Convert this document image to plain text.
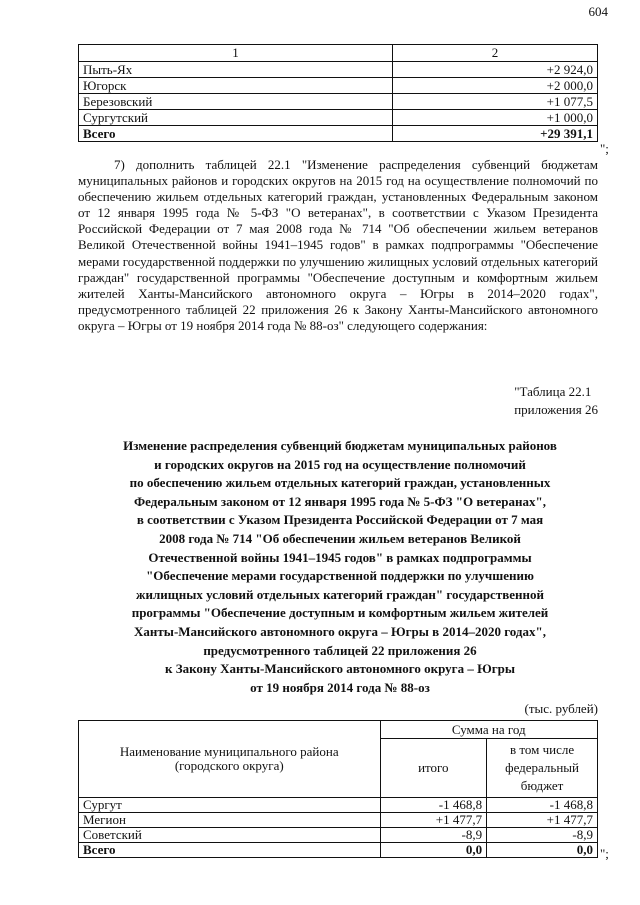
604
1	2
Пыть-Ях	+2 924,0
Югорск	+2 000,0
Березовский	+1 077,5
Сургутский	+1 000,0
Всего	+29 391,1
";
7) дополнить таблицей 22.1 "Изменение распределения субвенций бюджетам муниципальных районов и городских округов на 2015 год на осуществление полномочий по обеспечению жильем отдельных категорий граждан, установленных Федеральным законом от 12 января 1995 года № 5-ФЗ "О ветеранах", в соответствии с Указом Президента Российской Федерации от 7 мая 2008 года № 714 "Об обеспечении жильем ветеранов Великой Отечественной войны 1941–1945 годов" в рамках подпрограммы "Обеспечение мерами государственной поддержки по улучшению жилищных условий отдельных категорий граждан" государственной программы "Обеспечение доступным и комфортным жильем жителей Ханты-Мансийского автономного округа – Югры в 2014–2020 годах", предусмотренного таблицей 22 приложения 26 к Закону Ханты-Мансийского автономного округа – Югры от 19 ноября 2014 года № 88-оз" следующего содержания:
"Таблица 22.1
приложения 26
Изменение распределения субвенций бюджетам муниципальных районов
и городских округов на 2015 год на осуществление полномочий
по обеспечению жильем отдельных категорий граждан, установленных
Федеральным законом от 12 января 1995 года № 5-ФЗ "О ветеранах",
в соответствии с Указом Президента Российской Федерации от 7 мая
2008 года № 714 "Об обеспечении жильем ветеранов Великой
Отечественной войны 1941–1945 годов" в рамках подпрограммы
"Обеспечение мерами государственной поддержки по улучшению
жилищных условий отдельных категорий граждан" государственной
программы "Обеспечение доступным и комфортным жильем жителей
Ханты-Мансийского автономного округа – Югры в 2014–2020 годах",
предусмотренного таблицей 22 приложения 26
к Закону Ханты-Мансийского автономного округа – Югры
от 19 ноября 2014 года № 88-оз
(тыс. рублей)
Наименование муниципального района (городского округа)	Сумма на год	
	итого	в том числе федеральный бюджет
Сургут	-1 468,8	-1 468,8
Мегион	+1 477,7	+1 477,7
Советский	-8,9	-8,9
Всего	0,0	0,0 ";
